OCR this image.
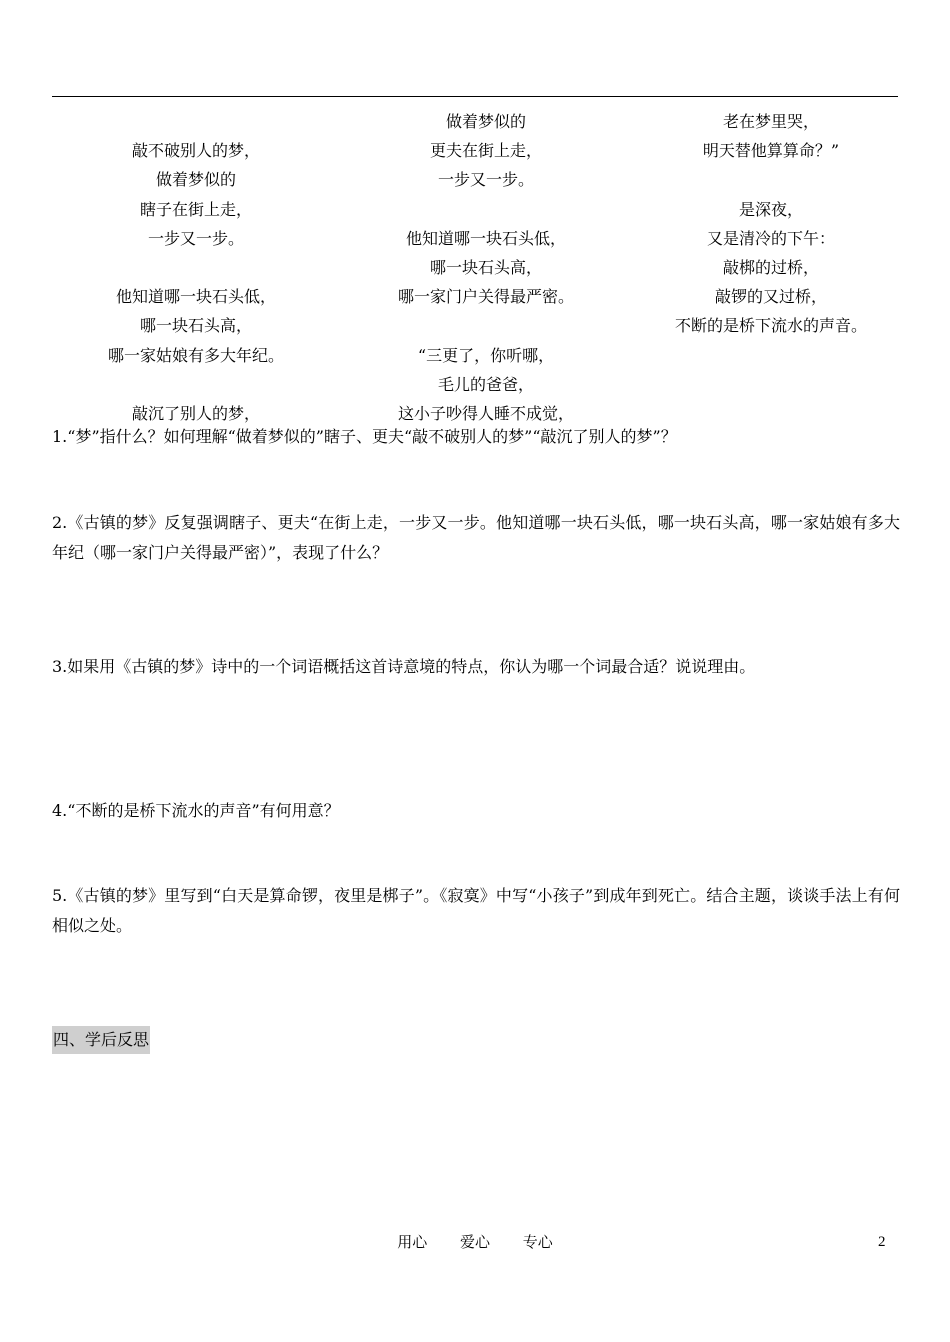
敲不破别人的梦，
做着梦似的
瞎子在街上走，
一步又一步。
他知道哪一块石头低，
哪一块石头高，
哪一家姑娘有多大年纪。
敲沉了别人的梦，
做着梦似的
更夫在街上走，
一步又一步。
他知道哪一块石头低，
哪一块石头高，
哪一家门户关得最严密。
“三更了，你听哪，
毛儿的爸爸，
这小子吵得人睡不成觉，
老在梦里哭，
明天替他算算命？”
是深夜，
又是清冷的下午：
敲梆的过桥，
敲锣的又过桥，
不断的是桥下流水的声音。
1.“梦”指什么？如何理解“做着梦似的”瞎子、更夫“敲不破别人的梦”“敲沉了别人的梦”？
2.《古镇的梦》反复强调瞎子、更夫“在街上走，一步又一步。他知道哪一块石头低，哪一块石头高，哪一家姑娘有多大年纪（哪一家门户关得最严密）”，表现了什么？
3.如果用《古镇的梦》诗中的一个词语概括这首诗意境的特点，你认为哪一个词最合适？说说理由。
4.“不断的是桥下流水的声音”有何用意？
5.《古镇的梦》里写到“白天是算命锣，夜里是梆子”。《寂寞》中写“小孩子”到成年到死亡。结合主题，谈谈手法上有何相似之处。
四、学后反思
用心 爱心 专心	2
